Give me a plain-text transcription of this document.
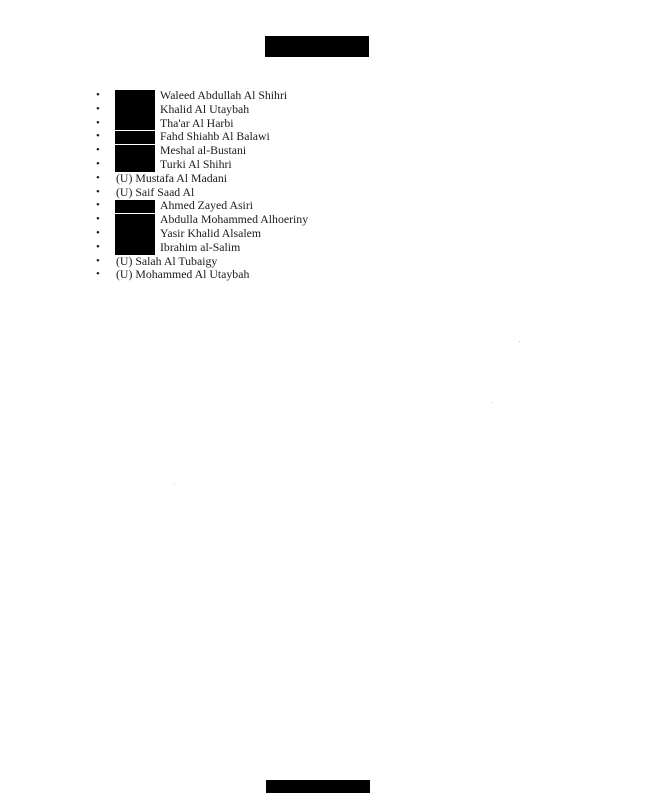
•	Waleed Abdullah Al Shihri
•	Khalid Al Utaybah
•	Tha'ar Al Harbi
•	Fahd Shiahb Al Balawi
•	Meshal al-Bustani
•	Turki Al Shihri
•	(U) Mustafa Al Madani
•	(U) Saif Saad Al
•	Ahmed Zayed Asiri
•	Abdulla Mohammed Alhoeriny
•	Yasir Khalid Alsalem
•	Ibrahim al-Salim
•	(U) Salah Al Tubaigy
•	(U) Mohammed Al Utaybah
